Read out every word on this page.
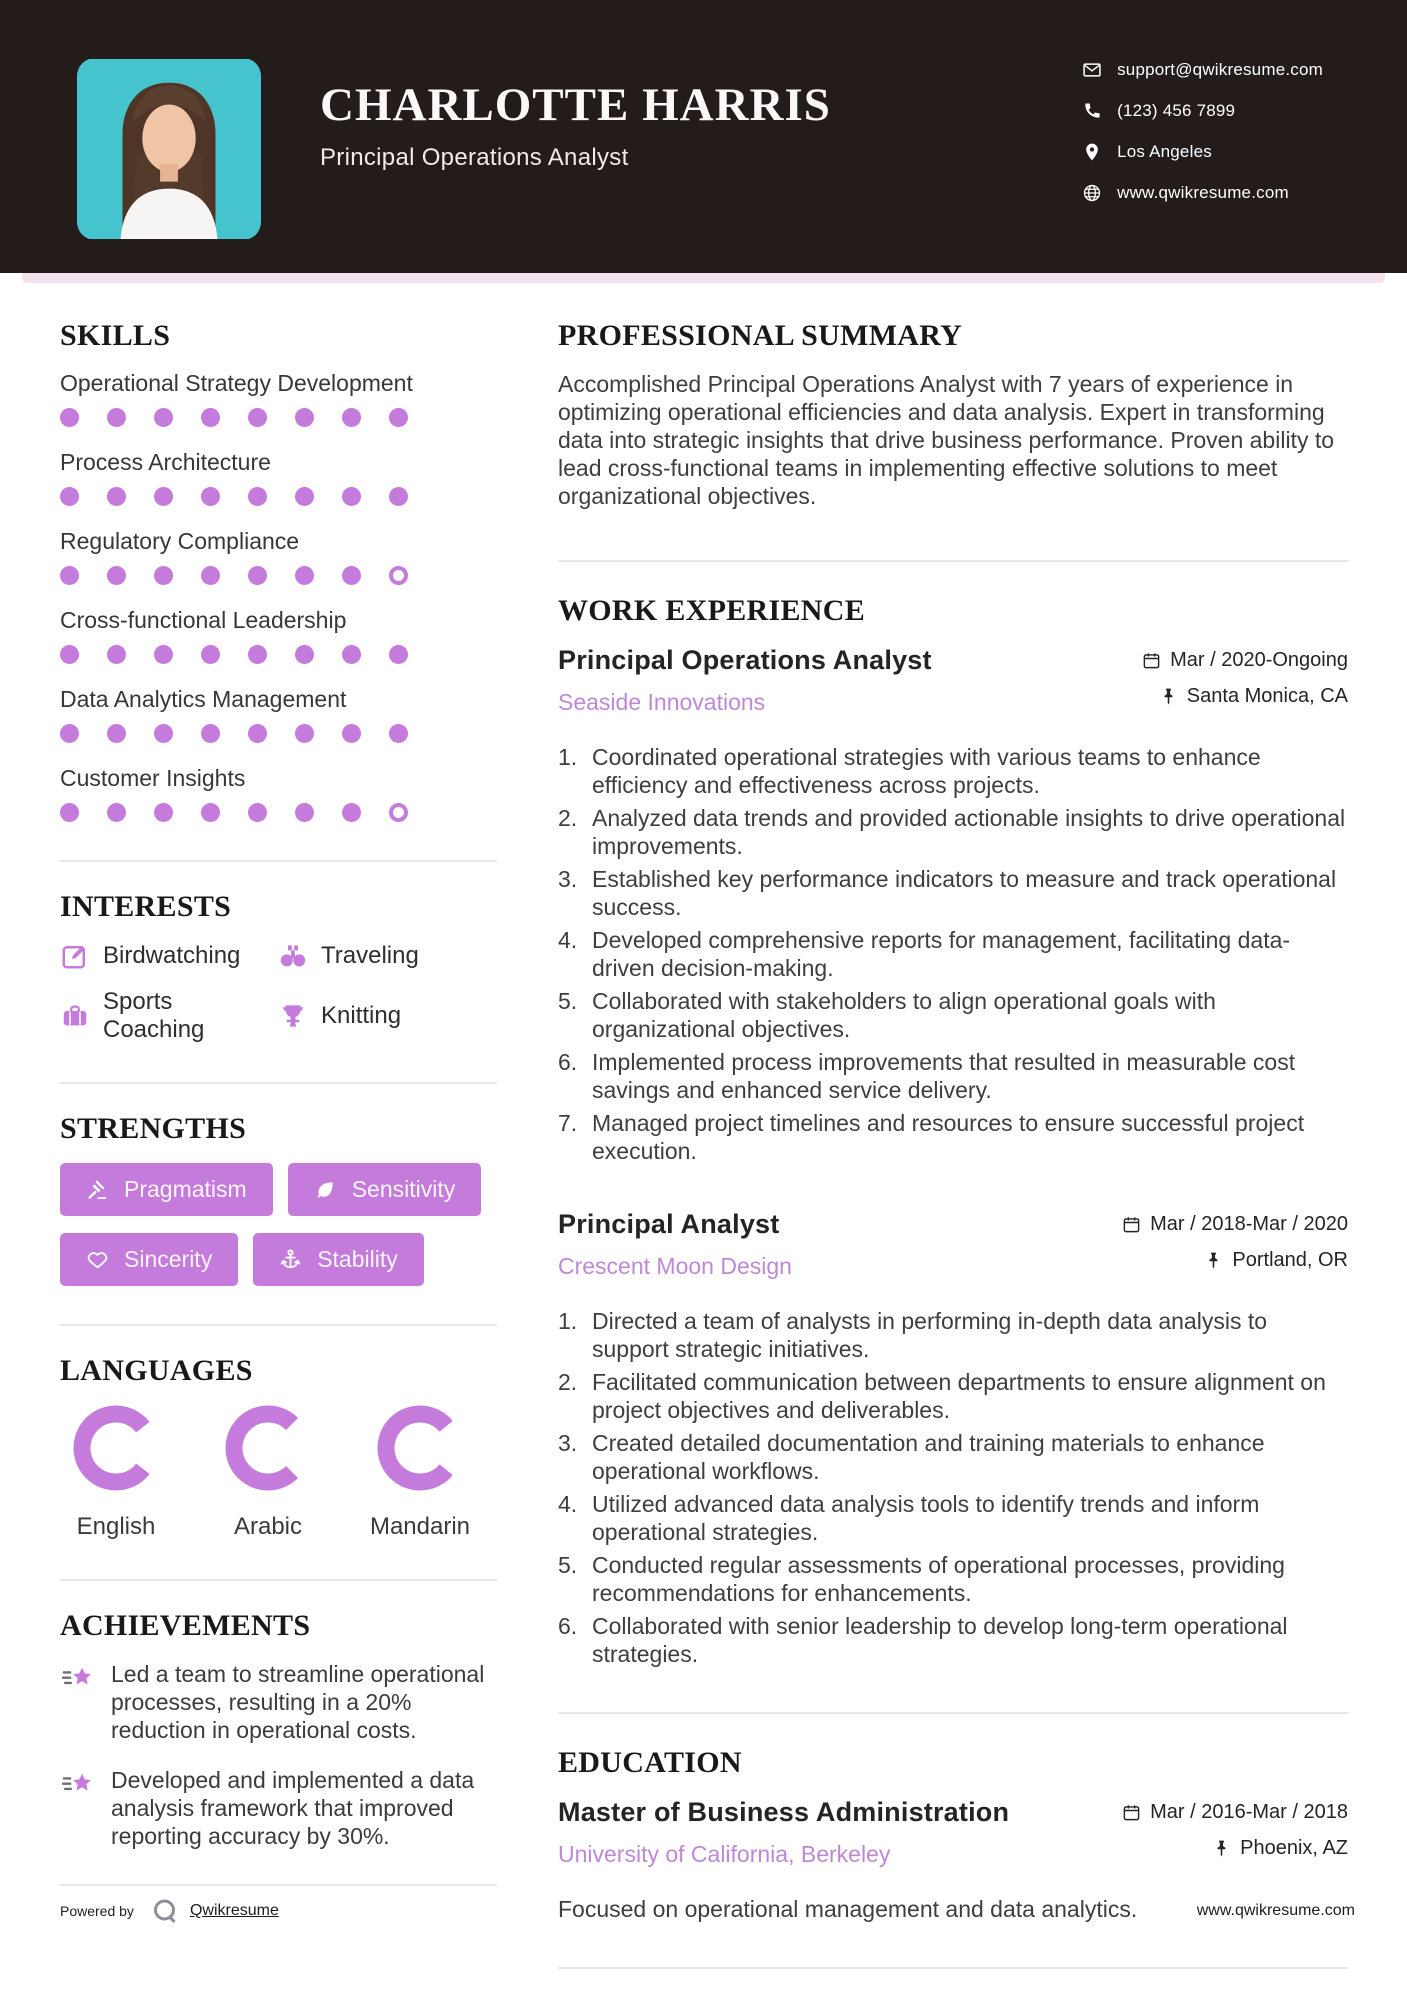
CHARLOTTE HARRIS
Principal Operations Analyst
support@qwikresume.com
(123) 456 7899
Los Angeles
www.qwikresume.com
SKILLS
Operational Strategy Development
Process Architecture
Regulatory Compliance
Cross-functional Leadership
Data Analytics Management
Customer Insights
INTERESTS
Birdwatching	Traveling
Sports Coaching
Knitting
STRENGTHS
Pragmatism	Sensitivity
Sincerity	Stability
LANGUAGES
English	Arabic	Mandarin
ACHIEVEMENTS

Led a team to streamline operational processes, resulting in a 20% reduction in operational costs.

Developed and implemented a data analysis framework that improved reporting accuracy by 30%.

PROFESSIONAL SUMMARY

Accomplished Principal Operations Analyst with 7 years of experience in optimizing operational efficiencies and data analysis. Expert in transforming data into strategic insights that drive business performance. Proven ability to lead cross-functional teams in implementing effective solutions to meet organizational objectives.

WORK EXPERIENCE

Principal Operations Analyst

Seaside Innovations
Mar / 2020-Ongoing
Santa Monica, CA
1. Coordinated operational strategies with various teams to enhance efficiency and effectiveness across projects.
2. Analyzed data trends and provided actionable insights to drive operational improvements.
3. Established key performance indicators to measure and track operational success.
4. Developed comprehensive reports for management, facilitating data-driven decision-making.
5. Collaborated with stakeholders to align operational goals with organizational objectives.
6. Implemented process improvements that resulted in measurable cost savings and enhanced service delivery.
7. Managed project timelines and resources to ensure successful project execution.

Principal Analyst

Crescent Moon Design
Mar / 2018-Mar / 2020
Portland, OR
1. Directed a team of analysts in performing in-depth data analysis to support strategic initiatives.
2. Facilitated communication between departments to ensure alignment on project objectives and deliverables.
3. Created detailed documentation and training materials to enhance operational workflows.
4. Utilized advanced data analysis tools to identify trends and inform operational strategies.
5. Conducted regular assessments of operational processes, providing recommendations for enhancements.
6. Collaborated with senior leadership to develop long-term operational strategies.
EDUCATION

Master of Business Administration

University of California, Berkeley
Mar / 2016-Mar / 2018
Phoenix, AZ

Focused on operational management and data analytics.

Powered by	Qwikresume	www.qwikresume.com
